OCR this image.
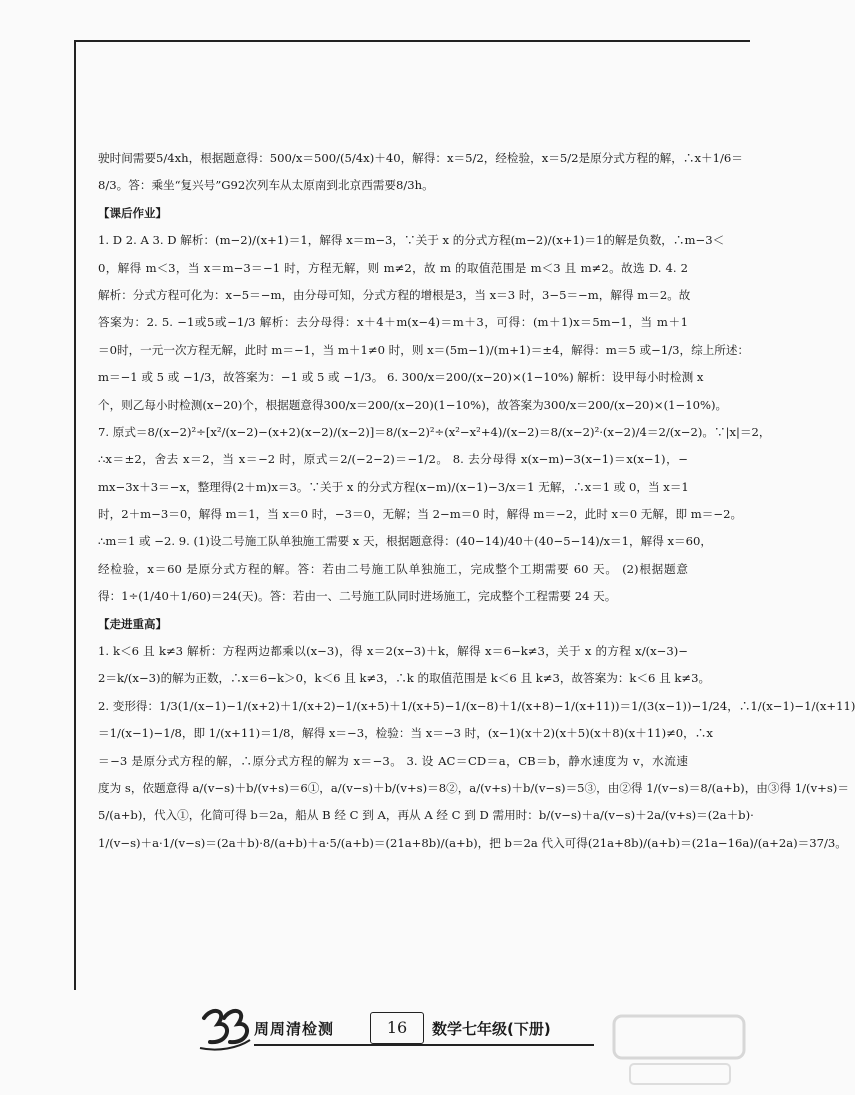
驶时间需要5/4xh，根据题意得：500/x＝500/(5/4x)＋40，解得：x＝5/2，经检验，x＝5/2是原分式方程的解，∴x＋1/6＝
8/3。答：乘坐“复兴号”G92次列车从太原南到北京西需要8/3h。
【课后作业】
1. D 2. A 3. D 解析：(m−2)/(x+1)＝1，解得 x＝m−3，∵关于 x 的分式方程(m−2)/(x+1)＝1的解是负数，∴m−3＜
0，解得 m＜3，当 x＝m−3＝−1 时，方程无解，则 m≠2，故 m 的取值范围是 m＜3 且 m≠2。故选 D. 4. 2
解析：分式方程可化为：x−5＝−m，由分母可知，分式方程的增根是3，当 x＝3 时，3−5＝−m，解得 m＝2。故
答案为：2. 5. −1或5或−1/3 解析：去分母得：x＋4＋m(x−4)＝m＋3，可得：(m＋1)x＝5m−1，当 m＋1
＝0时，一元一次方程无解，此时 m＝−1，当 m＋1≠0 时，则 x＝(5m−1)/(m+1)＝±4，解得：m＝5 或−1/3，综上所述：
m＝−1 或 5 或 −1/3，故答案为：−1 或 5 或 −1/3。 6. 300/x＝200/(x−20)×(1−10%) 解析：设甲每小时检测 x
个，则乙每小时检测(x−20)个，根据题意得300/x＝200/(x−20)(1−10%)，故答案为300/x＝200/(x−20)×(1−10%)。
7. 原式＝8/(x−2)²÷[x²/(x−2)−(x+2)(x−2)/(x−2)]＝8/(x−2)²÷(x²−x²+4)/(x−2)＝8/(x−2)²·(x−2)/4＝2/(x−2)。∵|x|＝2，
∴x＝±2，舍去 x＝2，当 x＝−2 时，原式＝2/(−2−2)＝−1/2。 8. 去分母得 x(x−m)−3(x−1)＝x(x−1)，−
mx−3x＋3＝−x，整理得(2＋m)x＝3。∵关于 x 的分式方程(x−m)/(x−1)−3/x＝1 无解，∴x＝1 或 0，当 x＝1
时，2＋m−3＝0，解得 m＝1，当 x＝0 时，−3＝0，无解；当 2−m＝0 时，解得 m＝−2，此时 x＝0 无解，即 m＝−2。
∴m＝1 或 −2. 9. (1)设二号施工队单独施工需要 x 天，根据题意得：(40−14)/40＋(40−5−14)/x＝1，解得 x＝60，
经检验，x＝60 是原分式方程的解。答：若由二号施工队单独施工，完成整个工期需要 60 天。 (2)根据题意
得：1÷(1/40＋1/60)＝24(天)。答：若由一、二号施工队同时进场施工，完成整个工程需要 24 天。
【走进重高】
1. k＜6 且 k≠3 解析：方程两边都乘以(x−3)，得 x＝2(x−3)＋k，解得 x＝6−k≠3，关于 x 的方程 x/(x−3)−
2＝k/(x−3)的解为正数，∴x＝6−k＞0，k＜6 且 k≠3，∴k 的取值范围是 k＜6 且 k≠3，故答案为：k＜6 且 k≠3。
2. 变形得：1/3(1/(x−1)−1/(x+2)＋1/(x+2)−1/(x+5)＋1/(x+5)−1/(x−8)＋1/(x+8)−1/(x+11))＝1/(3(x−1))−1/24，∴1/(x−1)−1/(x+11)
＝1/(x−1)−1/8，即 1/(x+11)＝1/8，解得 x＝−3，检验：当 x＝−3 时，(x−1)(x＋2)(x＋5)(x＋8)(x＋11)≠0，∴x
＝−3 是原分式方程的解，∴原分式方程的解为 x＝−3。 3. 设 AC＝CD＝a，CB＝b，静水速度为 v，水流速
度为 s，依题意得 a/(v−s)＋b/(v+s)＝6①，a/(v−s)＋b/(v+s)＝8②，a/(v+s)＋b/(v−s)＝5③，由②得 1/(v−s)＝8/(a+b)，由③得 1/(v+s)＝
5/(a+b)，代入①，化简可得 b＝2a，船从 B 经 C 到 A，再从 A 经 C 到 D 需用时：b/(v−s)＋a/(v−s)＋2a/(v+s)＝(2a＋b)·
1/(v−s)＋a·1/(v−s)＝(2a＋b)·8/(a+b)＋a·5/(a+b)＝(21a+8b)/(a+b)，把 b＝2a 代入可得(21a+8b)/(a+b)＝(21a−16a)/(a+2a)＝37/3。
周周清检测	16	数学七年级(下册)
